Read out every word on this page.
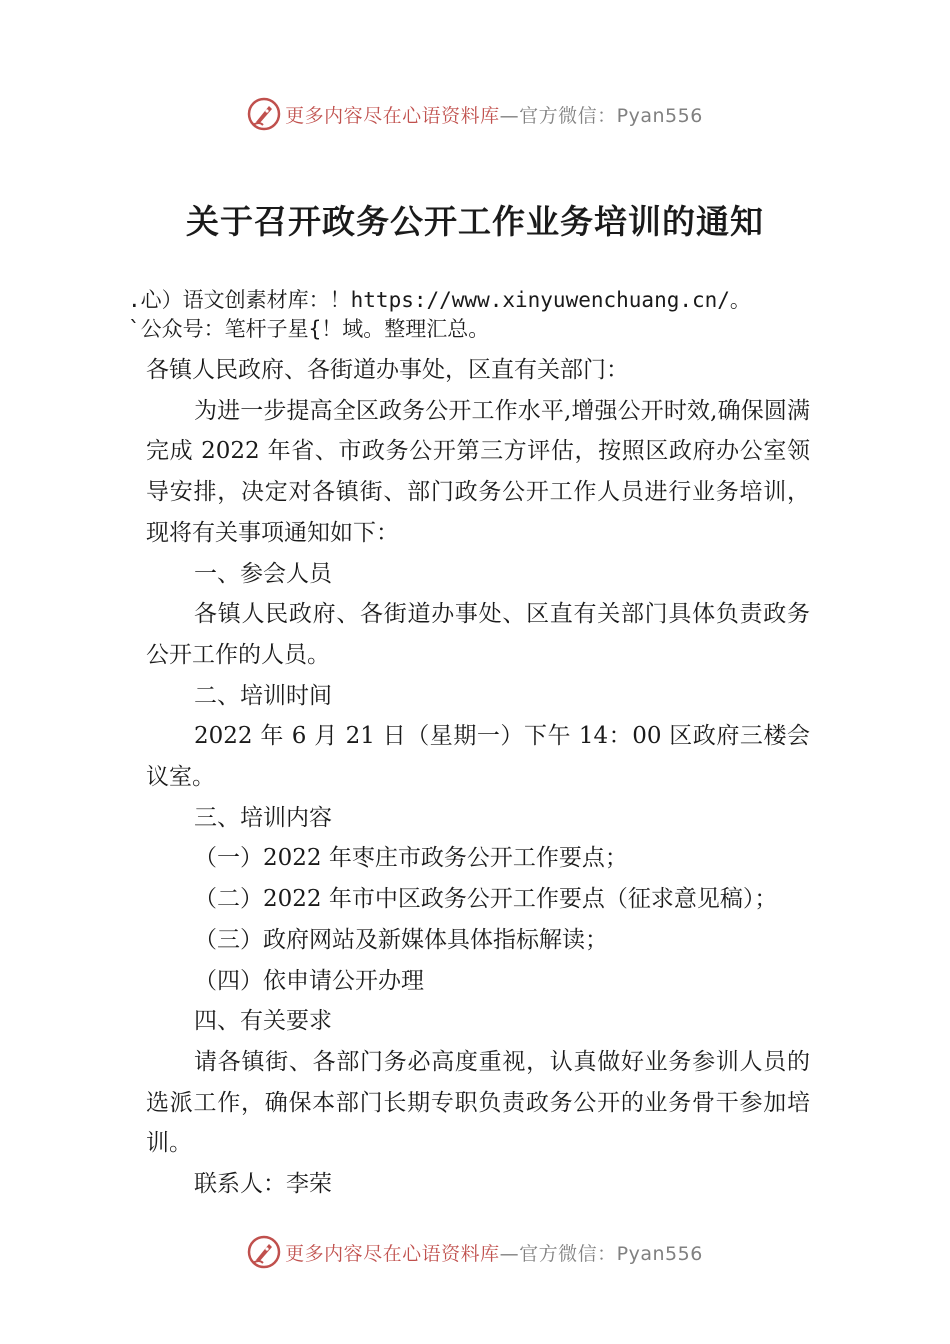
更多内容尽在心语资料库 —官方微信：Pyan556
关于召开政务公开工作业务培训的通知

.心）语文创素材库：！https://www.xinyuwenchuang.cn/。

`公众号：笔杆子星{！域。整理汇总。

各镇人民政府、各街道办事处，区直有关部门：

为进一步提高全区政务公开工作水平,增强公开时效,确保圆满完成 2022 年省、市政务公开第三方评估，按照区政府办公室领导安排，决定对各镇街、部门政务公开工作人员进行业务培训，现将有关事项通知如下：

一、参会人员

各镇人民政府、各街道办事处、区直有关部门具体负责政务公开工作的人员。

二、培训时间

2022 年 6 月 21 日（星期一）下午 14：00 区政府三楼会议室。

三、培训内容

（一）2022 年枣庄市政务公开工作要点；

（二）2022 年市中区政务公开工作要点（征求意见稿）；

（三）政府网站及新媒体具体指标解读；

（四）依申请公开办理

四、有关要求

请各镇街、各部门务必高度重视，认真做好业务参训人员的选派工作，确保本部门长期专职负责政务公开的业务骨干参加培训。

联系人：李荣

更多内容尽在心语资料库 —官方微信：Pyan556
